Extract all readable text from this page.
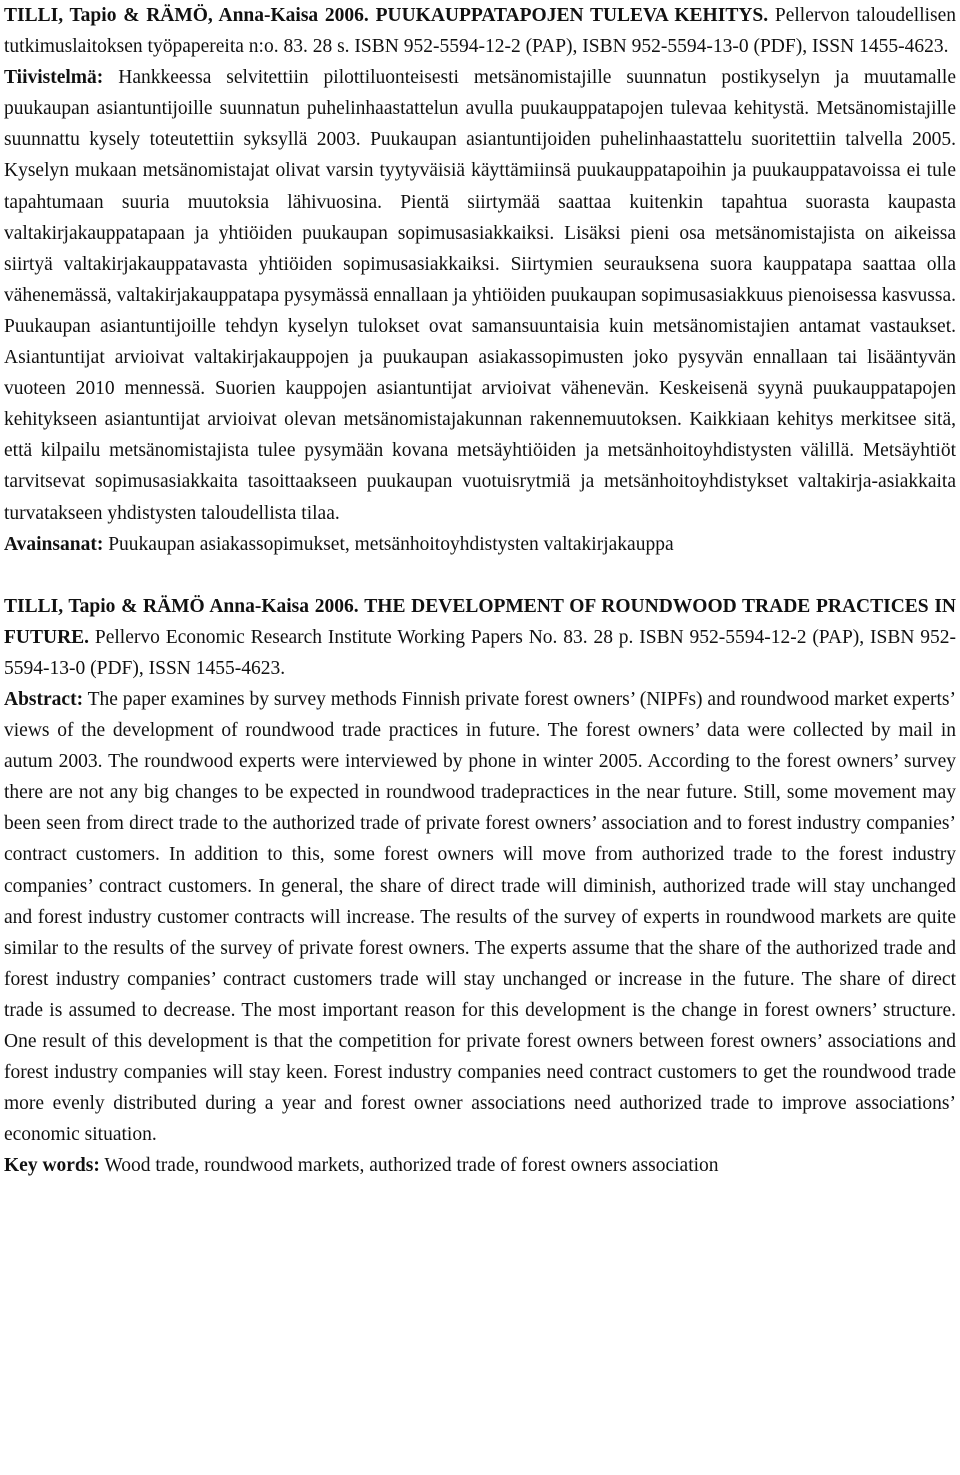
TILLI, Tapio & RÄMÖ, Anna-Kaisa 2006. PUUKAUPPATAPOJEN TULEVA KEHITYS. Pellervon taloudellisen tutkimuslaitoksen työpapereita n:o. 83. 28 s. ISBN 952-5594-12-2 (PAP), ISBN 952-5594-13-0 (PDF), ISSN 1455-4623.

Tiivistelmä: Hankkeessa selvitettiin pilottiluonteisesti metsänomistajille suunnatun postikyselyn ja muutamalle puukaupan asiantuntijoille suunnatun puhelinhaastattelun avulla puukauppatapojen tulevaa kehitystä. Metsänomistajille suunnattu kysely toteutettiin syksyllä 2003. Puukaupan asiantuntijoiden puhelinhaastattelu suoritettiin talvella 2005. Kyselyn mukaan metsänomistajat olivat varsin tyytyväisiä käyttämiinsä puukauppatapoihin ja puukauppatavoissa ei tule tapahtumaan suuria muutoksia lähivuosina. Pientä siirtymää saattaa kuitenkin tapahtua suorasta kaupasta valtakirjakauppatapaan ja yhtiöiden puukaupan sopimusasiakkaiksi. Lisäksi pieni osa metsänomistajista on aikeissa siirtyä valtakirjakauppatavasta yhtiöiden sopimusasiakkaiksi. Siirtymien seurauksena suora kauppatapa saattaa olla vähenemässä, valtakirjakauppatapa pysymässä ennallaan ja yhtiöiden puukaupan sopimusasiakkuus pienoisessa kasvussa. Puukaupan asiantuntijoille tehdyn kyselyn tulokset ovat samansuuntaisia kuin metsänomistajien antamat vastaukset. Asiantuntijat arvioivat valtakirjakauppojen ja puukaupan asiakassopimusten joko pysyvän ennallaan tai lisääntyvän vuoteen 2010 mennessä. Suorien kauppojen asiantuntijat arvioivat vähenevän. Keskeisenä syynä puukauppatapojen kehitykseen asiantuntijat arvioivat olevan metsänomistajakunnan rakennemuutoksen. Kaikkiaan kehitys merkitsee sitä, että kilpailu metsänomistajista tulee pysymään kovana metsäyhtiöiden ja metsänhoitoyhdistysten välillä. Metsäyhtiöt tarvitsevat sopimusasiakkaita tasoittaakseen puukaupan vuotuisrytmiä ja metsänhoitoyhdistykset valtakirja-asiakkaita turvatakseen yhdistysten taloudellista tilaa.

Avainsanat: Puukaupan asiakassopimukset, metsänhoitoyhdistysten valtakirjakauppa

TILLI, Tapio & RÄMÖ Anna-Kaisa 2006. THE DEVELOPMENT OF ROUNDWOOD TRADE PRACTICES IN FUTURE. Pellervo Economic Research Institute Working Papers No. 83. 28 p. ISBN 952-5594-12-2 (PAP), ISBN 952-5594-13-0 (PDF), ISSN 1455-4623.

Abstract: The paper examines by survey methods Finnish private forest owners’ (NIPFs) and roundwood market experts’ views of the development of roundwood trade practices in future. The forest owners’ data were collected by mail in autum 2003. The roundwood experts were interviewed by phone in winter 2005. According to the forest owners’ survey there are not any big changes to be expected in roundwood tradepractices in the near future. Still, some movement may been seen from direct trade to the authorized trade of private forest owners’ association and to forest industry companies’ contract customers. In addition to this, some forest owners will move from authorized trade to the forest industry companies’ contract customers. In general, the share of direct trade will diminish, authorized trade will stay unchanged and forest industry customer contracts will increase. The results of the survey of experts in roundwood markets are quite similar to the results of the survey of private forest owners. The experts assume that the share of the authorized trade and forest industry companies’ contract customers trade will stay unchanged or increase in the future. The share of direct trade is assumed to decrease. The most important reason for this development is the change in forest owners’ structure. One result of this development is that the competition for private forest owners between forest owners’ associations and forest industry companies will stay keen. Forest industry companies need contract customers to get the roundwood trade more evenly distributed during a year and forest owner associations need authorized trade to improve associations’ economic situation.

Key words: Wood trade, roundwood markets, authorized trade of forest owners association
